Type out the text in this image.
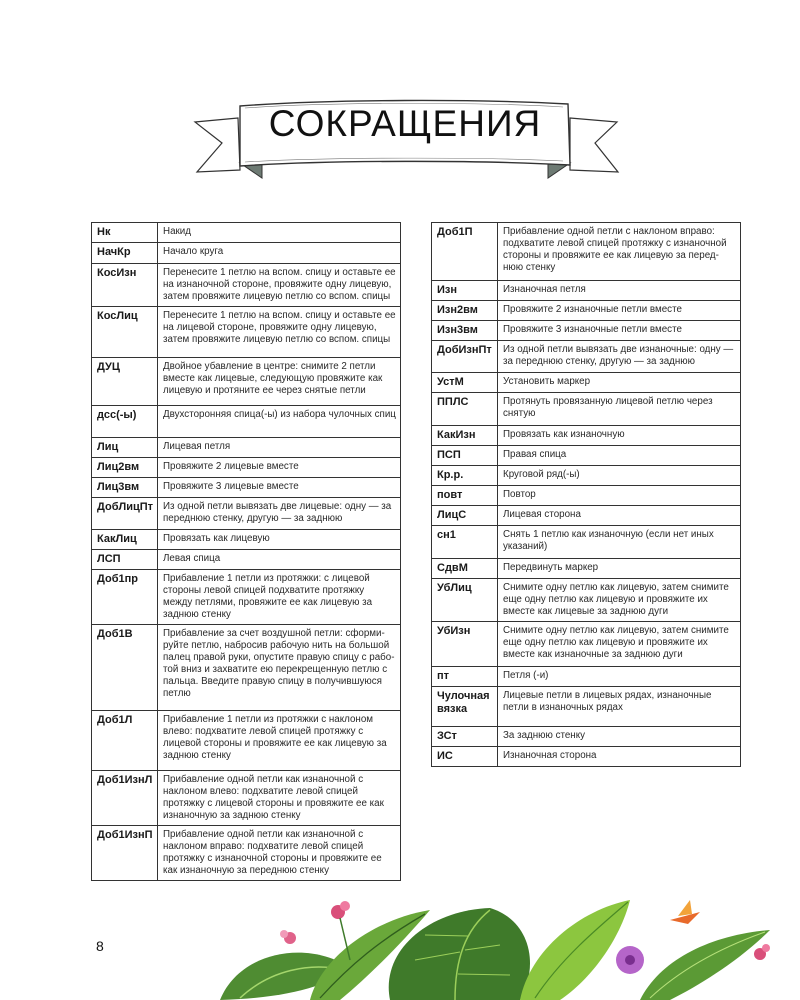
СОКРАЩЕНИЯ
Нк	Накид
НачКр	Начало круга
КосИзн	Перенесите 1 петлю на вспом. спицу и оставьте ее на изнаночной стороне, провяжите одну лицевую, затем провяжите лицевую петлю со вспом. спицы
КосЛиц	Перенесите 1 петлю на вспом. спицу и оставьте ее на лицевой стороне, провяжите одну лицевую, затем провяжите лицевую петлю со вспом. спицы
ДУЦ	Двойное убавление в центре: снимите 2 петли вместе как лицевые, следующую провяжите как лицевую и протяните ее через снятые петли
дсс(-ы)	Двухсторонняя спица(-ы) из набора чулочных спиц
Лиц	Лицевая петля
Лиц2вм	Провяжите 2 лицевые вместе
Лиц3вм	Провяжите 3 лицевые вместе
ДобЛицПт	Из одной петли вывязать две лицевые: одну — за переднюю стенку, другую — за заднюю
КакЛиц	Провязать как лицевую
ЛСП	Левая спица
Доб1пр	Прибавление 1 петли из протяжки: с лицевой стороны левой спицей подхватите протяжку между петлями, провяжите ее как лицевую за заднюю стенку
Доб1В	Прибавление за счет воздушной петли: сформи-руйте петлю, набросив рабочую нить на большой палец правой руки, опустите правую спицу с рабо-той вниз и захватите ею перекрещенную петлю с пальца. Введите правую спицу в получившуюся петлю
Доб1Л	Прибавление 1 петли из протяжки с наклоном влево: подхватите левой спицей протяжку с лицевой стороны и провяжите ее как лицевую за заднюю стенку
Доб1ИзнЛ	Прибавление одной петли как изнаночной с наклоном влево: подхватите левой спицей протяжку с лицевой стороны и провяжите ее как изнаночную за заднюю стенку
Доб1ИзнП	Прибавление одной петли как изнаночной с наклоном вправо: подхватите левой спицей протяжку с изнаночной стороны и провяжите ее как изнаночную за переднюю стенку
Доб1П	Прибавление одной петли с наклоном вправо: подхватите левой спицей протяжку с изнаночной стороны и провяжите ее как лицевую за перед-нюю стенку
Изн	Изнаночная петля
Изн2вм	Провяжите 2 изнаночные петли вместе
Изн3вм	Провяжите 3 изнаночные петли вместе
ДобИзнПт	Из одной петли вывязать две изнаночные: одну — за переднюю стенку, другую — за заднюю
УстМ	Установить маркер
ППЛС	Протянуть провязанную лицевой петлю через снятую
КакИзн	Провязать как изнаночную
ПСП	Правая спица
Кр.р.	Круговой ряд(-ы)
повт	Повтор
ЛицС	Лицевая сторона
сн1	Снять 1 петлю как изнаночную (если нет иных указаний)
СдвМ	Передвинуть маркер
УбЛиц	Снимите одну петлю как лицевую, затем снимите еще одну петлю как лицевую и провяжите их вместе как лицевые за заднюю дуги
УбИзн	Снимите одну петлю как лицевую, затем снимите еще одну петлю как лицевую и провяжите их вместе как изнаночные за заднюю дуги
пт	Петля (-и)
Чулочная вязка	Лицевые петли в лицевых рядах, изнаночные петли в изнаночных рядах
ЗСт	За заднюю стенку
ИС	Изнаночная сторона
8
